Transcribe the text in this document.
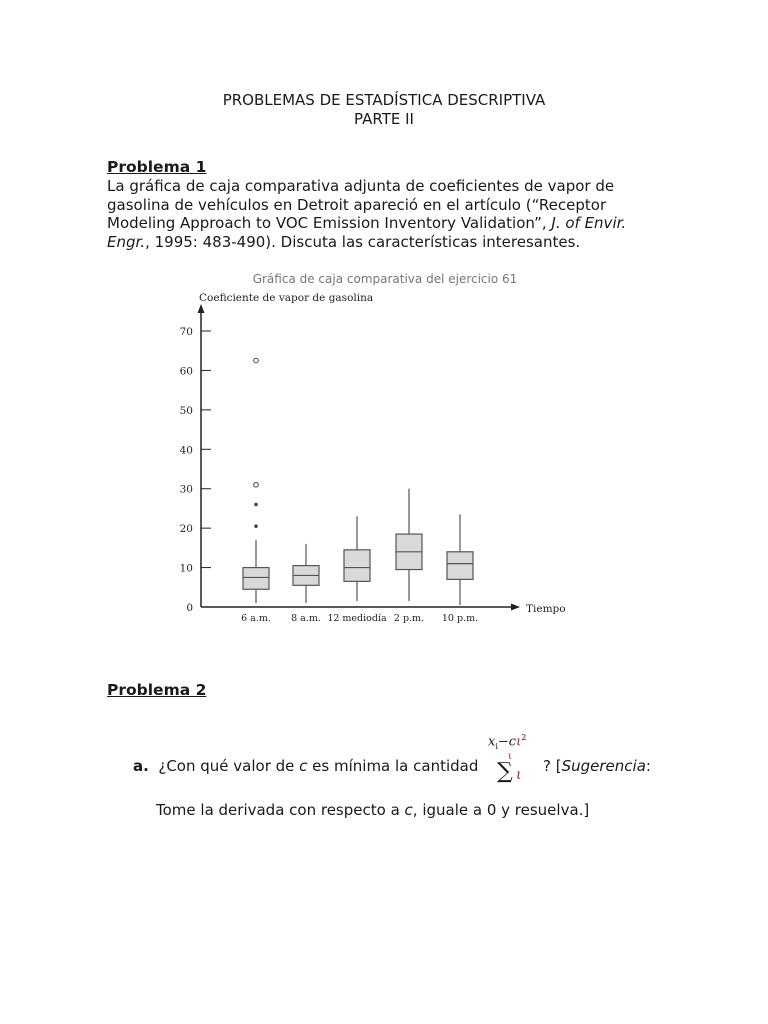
PROBLEMAS DE ESTADÍSTICA DESCRIPTIVA
PARTE II
Problema 1
La gráfica de caja comparativa adjunta de coeficientes de vapor de gasolina de vehículos en Detroit apareció en el artículo (“Receptor Modeling Approach to VOC Emission Inventory Validation”, J. of Envir. Engr., 1995: 483-490). Discuta las características interesantes.
Gráfica de caja comparativa del ejercicio 61
Coeficiente de vapor de gasolina
Tiempo
0
10
20
30
40
50
60
70
6 a.m. 8 a.m. 12 mediodía 2 p.m. 10 p.m.
Problema 2
a. ¿Con qué valor de c es mínima la cantidad
$x_i-c\iota^2$
ι
∑ ι ? [Sugerencia:
Tome la derivada con respecto a c, iguale a 0 y resuelva.]
